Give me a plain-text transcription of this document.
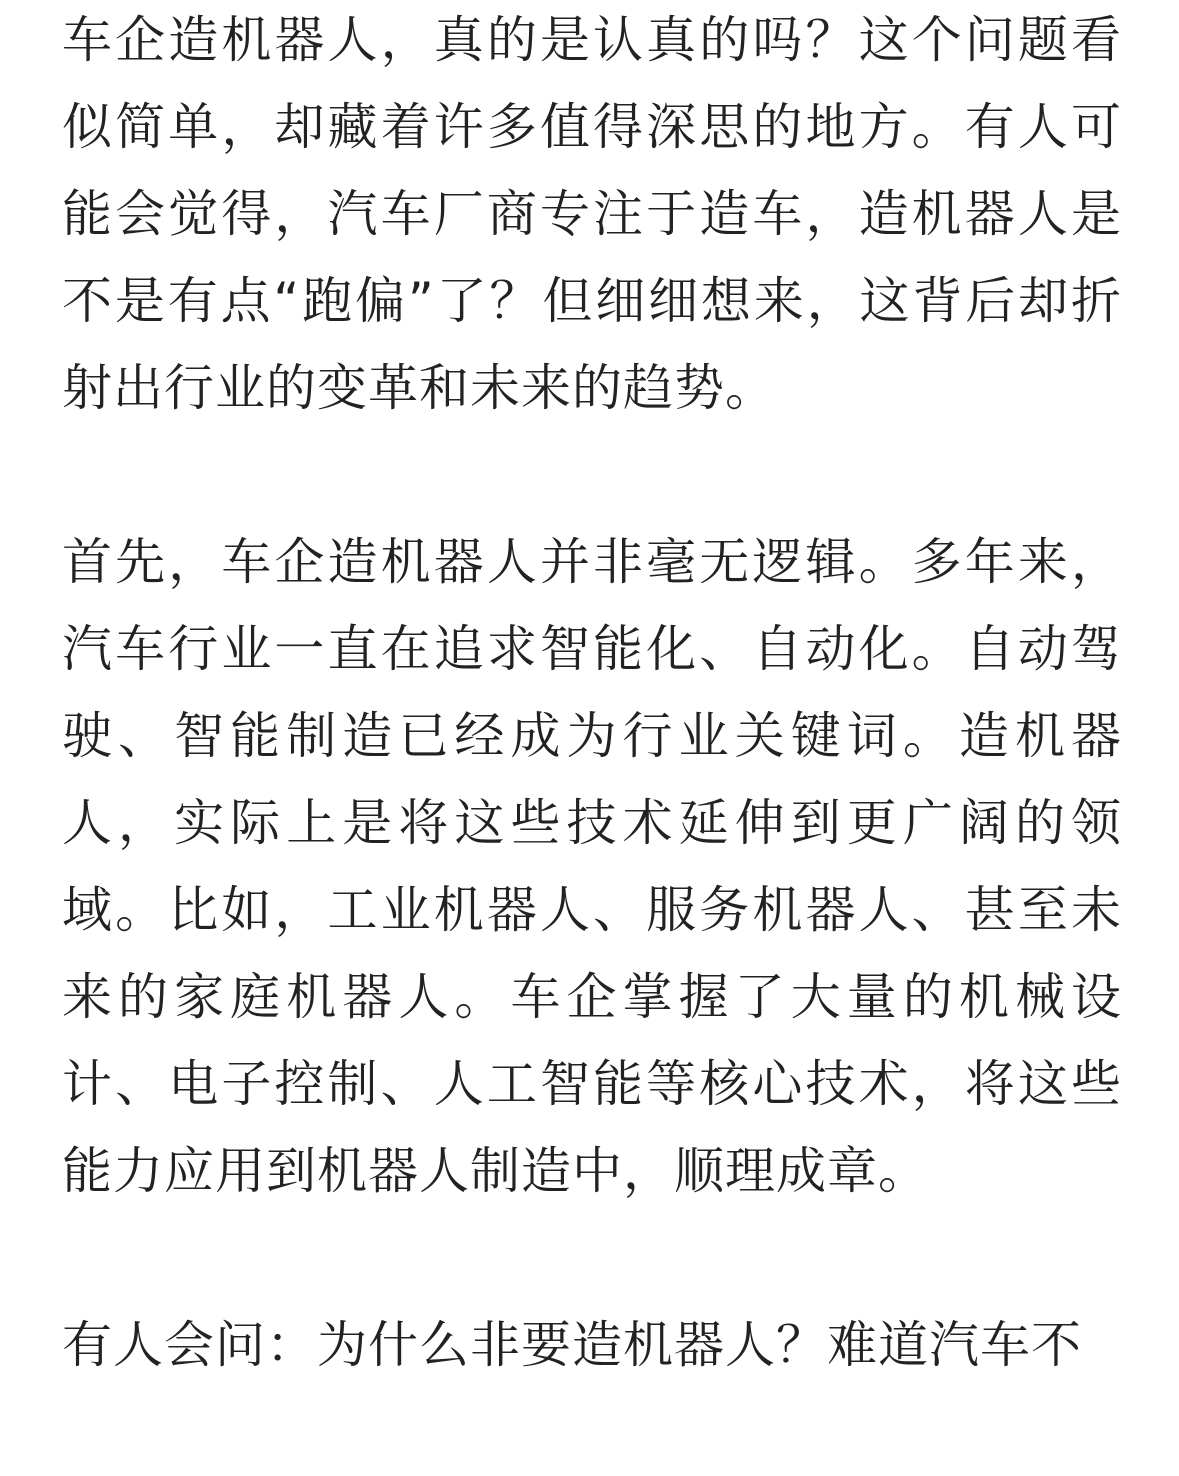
车企造机器人，真的是认真的吗？这个问题看似简单，却藏着许多值得深思的地方。有人可能会觉得，汽车厂商专注于造车，造机器人是不是有点“跑偏”了？但细细想来，这背后却折射出行业的变革和未来的趋势。

首先，车企造机器人并非毫无逻辑。多年来，汽车行业一直在追求智能化、自动化。自动驾驶、智能制造已经成为行业关键词。造机器人，实际上是将这些技术延伸到更广阔的领域。比如，工业机器人、服务机器人、甚至未来的家庭机器人。车企掌握了大量的机械设计、电子控制、人工智能等核心技术，将这些能力应用到机器人制造中，顺理成章。

有人会问：为什么非要造机器人？难道汽车不
